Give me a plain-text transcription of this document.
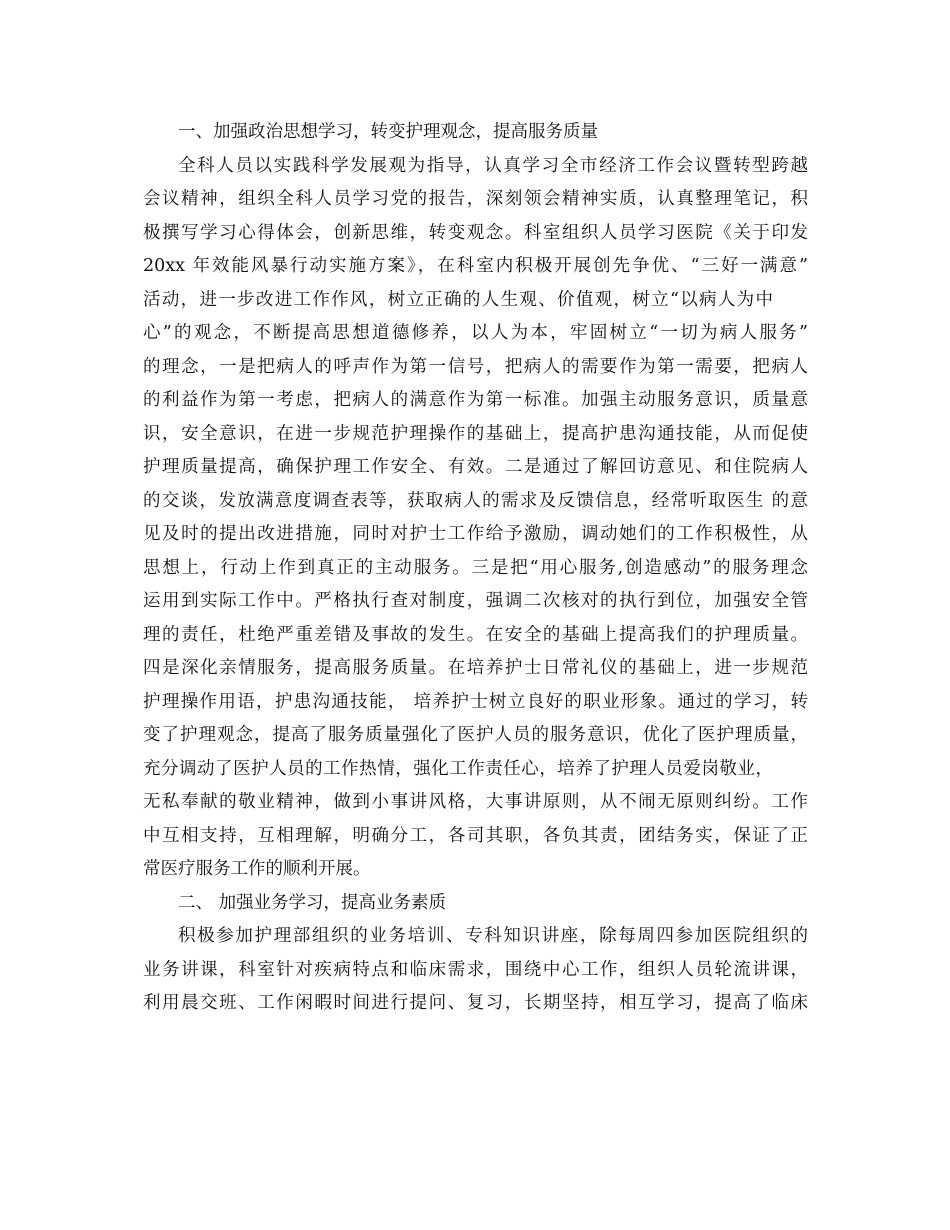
一、加强政治思想学习，转变护理观念，提高服务质量
全科人员以实践科学发展观为指导，认真学习全市经济工作会议暨转型跨越
会议精神，组织全科人员学习党的报告，深刻领会精神实质，认真整理笔记，积
极撰写学习心得体会，创新思维，转变观念。科室组织人员学习医院《关于印发
20xx 年效能风暴行动实施方案》，在科室内积极开展创先争优、“三好一满意”
活动，进一步改进工作作风，树立正确的人生观、价值观，树立“以病人为中
心”的观念，不断提高思想道德修养，以人为本，牢固树立“一切为病人服务”
的理念，一是把病人的呼声作为第一信号，把病人的需要作为第一需要，把病人
的利益作为第一考虑，把病人的满意作为第一标准。加强主动服务意识，质量意
识，安全意识，在进一步规范护理操作的基础上，提高护患沟通技能，从而促使
护理质量提高，确保护理工作安全、有效。二是通过了解回访意见、和住院病人
的交谈，发放满意度调查表等，获取病人的需求及反馈信息，经常听取医生 的意
见及时的提出改进措施，同时对护士工作给予激励，调动她们的工作积极性，从
思想上，行动上作到真正的主动服务。三是把“用心服务,创造感动”的服务理念
运用到实际工作中。严格执行查对制度，强调二次核对的执行到位，加强安全管
理的责任，杜绝严重差错及事故的发生。在安全的基础上提高我们的护理质量。
四是深化亲情服务，提高服务质量。在培养护士日常礼仪的基础上，进一步规范
护理操作用语，护患沟通技能， 培养护士树立良好的职业形象。通过的学习，转
变了护理观念，提高了服务质量强化了医护人员的服务意识，优化了医护理质量，
充分调动了医护人员的工作热情，强化工作责任心，培养了护理人员爱岗敬业，
无私奉献的敬业精神，做到小事讲风格，大事讲原则，从不闹无原则纠纷。工作
中互相支持，互相理解，明确分工，各司其职，各负其责，团结务实，保证了正
常医疗服务工作的顺利开展。
二、 加强业务学习，提高业务素质
积极参加护理部组织的业务培训、专科知识讲座，除每周四参加医院组织的
业务讲课，科室针对疾病特点和临床需求，围绕中心工作，组织人员轮流讲课，
利用晨交班、工作闲暇时间进行提问、复习，长期坚持，相互学习，提高了临床
